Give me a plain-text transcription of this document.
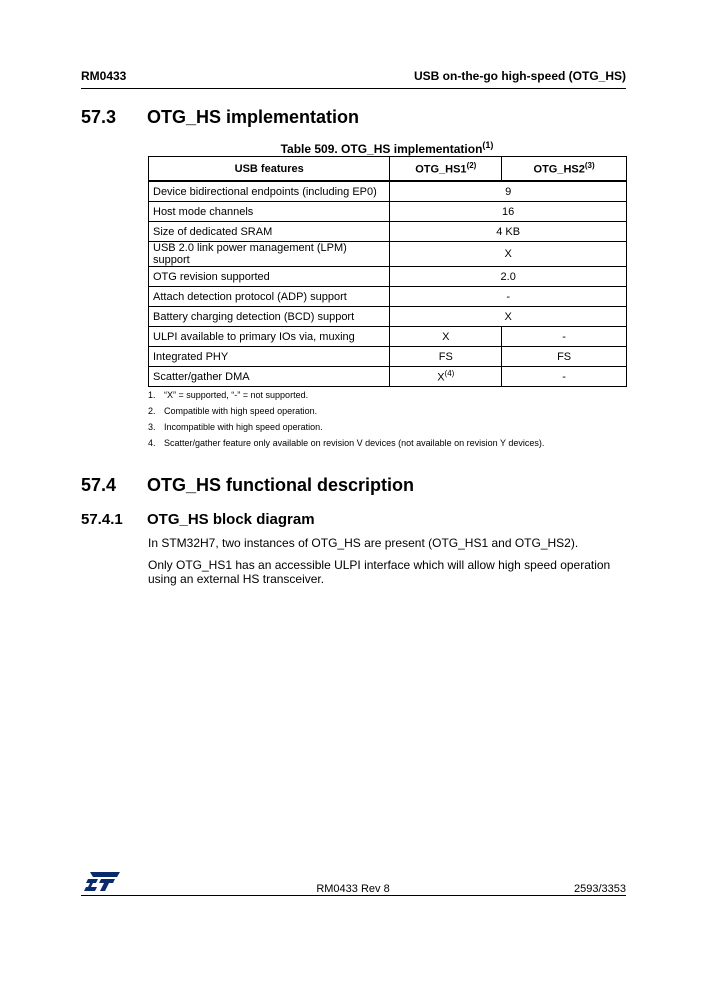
RM0433	USB on-the-go high-speed (OTG_HS)
57.3 OTG_HS implementation
Table 509. OTG_HS implementation$^{(1)}$
USB features	OTG_HS1$^{(2)}$	OTG_HS2$^{(3)}$
Device bidirectional endpoints (including EP0)	9	
Host mode channels	16	
Size of dedicated SRAM	4 KB	
USB 2.0 link power management (LPM) support	X	
OTG revision supported	2.0	
Attach detection protocol (ADP) support	-	
Battery charging detection (BCD) support	X	
ULPI available to primary IOs via, muxing	X	-
Integrated PHY	FS	FS
Scatter/gather DMA	$X^{(4)}$	-
1. “X” = supported, “-” = not supported.
2. Compatible with high speed operation.
3. Incompatible with high speed operation.
4. Scatter/gather feature only available on revision V devices (not available on revision Y devices).
57.4 OTG_HS functional description
57.4.1 OTG_HS block diagram
In STM32H7, two instances of OTG_HS are present (OTG_HS1 and OTG_HS2).
Only OTG_HS1 has an accessible ULPI interface which will allow high speed operation using an external HS transceiver.
RM0433 Rev 8	2593/3353
